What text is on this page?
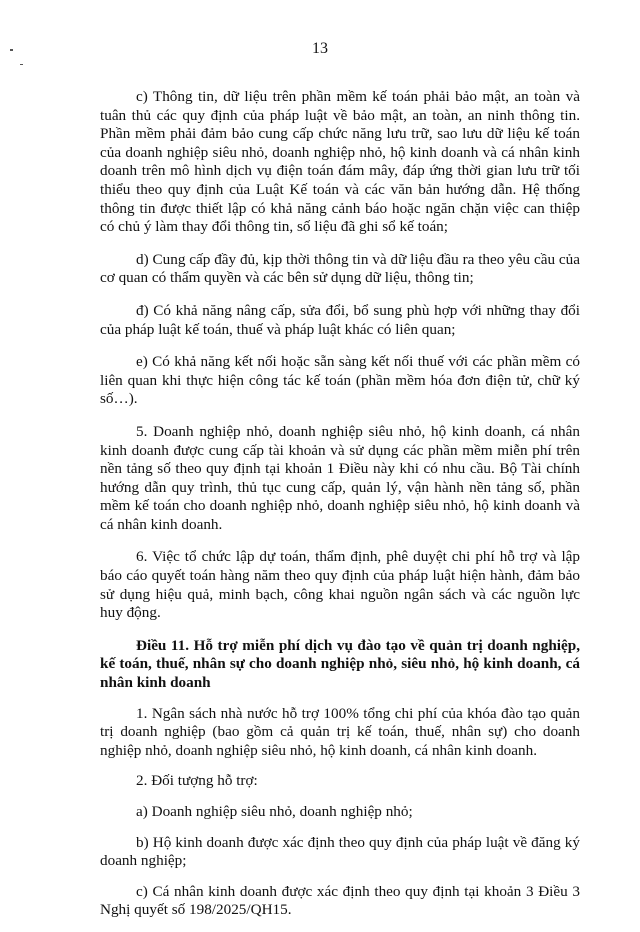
13

c) Thông tin, dữ liệu trên phần mềm kế toán phải bảo mật, an toàn và tuân thủ các quy định của pháp luật về bảo mật, an toàn, an ninh thông tin. Phần mềm phải đảm bảo cung cấp chức năng lưu trữ, sao lưu dữ liệu kế toán của doanh nghiệp siêu nhỏ, doanh nghiệp nhỏ, hộ kinh doanh và cá nhân kinh doanh trên mô hình dịch vụ điện toán đám mây, đáp ứng thời gian lưu trữ tối thiểu theo quy định của Luật Kế toán và các văn bản hướng dẫn. Hệ thống thông tin được thiết lập có khả năng cảnh báo hoặc ngăn chặn việc can thiệp có chủ ý làm thay đổi thông tin, số liệu đã ghi sổ kế toán;

d) Cung cấp đầy đủ, kịp thời thông tin và dữ liệu đầu ra theo yêu cầu của cơ quan có thẩm quyền và các bên sử dụng dữ liệu, thông tin;

đ) Có khả năng nâng cấp, sửa đổi, bổ sung phù hợp với những thay đổi của pháp luật kế toán, thuế và pháp luật khác có liên quan;

e) Có khả năng kết nối hoặc sẵn sàng kết nối thuế với các phần mềm có liên quan khi thực hiện công tác kế toán (phần mềm hóa đơn điện tử, chữ ký số…).

5. Doanh nghiệp nhỏ, doanh nghiệp siêu nhỏ, hộ kinh doanh, cá nhân kinh doanh được cung cấp tài khoản và sử dụng các phần mềm miễn phí trên nền tảng số theo quy định tại khoản 1 Điều này khi có nhu cầu. Bộ Tài chính hướng dẫn quy trình, thủ tục cung cấp, quản lý, vận hành nền tảng số, phần mềm kế toán cho doanh nghiệp nhỏ, doanh nghiệp siêu nhỏ, hộ kinh doanh và cá nhân kinh doanh.

6. Việc tổ chức lập dự toán, thẩm định, phê duyệt chi phí hỗ trợ và lập báo cáo quyết toán hàng năm theo quy định của pháp luật hiện hành, đảm bảo sử dụng hiệu quả, minh bạch, công khai nguồn ngân sách và các nguồn lực huy động.

Điều 11. Hỗ trợ miễn phí dịch vụ đào tạo về quản trị doanh nghiệp, kế toán, thuế, nhân sự cho doanh nghiệp nhỏ, siêu nhỏ, hộ kinh doanh, cá nhân kinh doanh

1. Ngân sách nhà nước hỗ trợ 100% tổng chi phí của khóa đào tạo quản trị doanh nghiệp (bao gồm cả quản trị kế toán, thuế, nhân sự) cho doanh nghiệp nhỏ, doanh nghiệp siêu nhỏ, hộ kinh doanh, cá nhân kinh doanh.

2. Đối tượng hỗ trợ:

a) Doanh nghiệp siêu nhỏ, doanh nghiệp nhỏ;

b) Hộ kinh doanh được xác định theo quy định của pháp luật về đăng ký doanh nghiệp;

c) Cá nhân kinh doanh được xác định theo quy định tại khoản 3 Điều 3 Nghị quyết số 198/2025/QH15.
